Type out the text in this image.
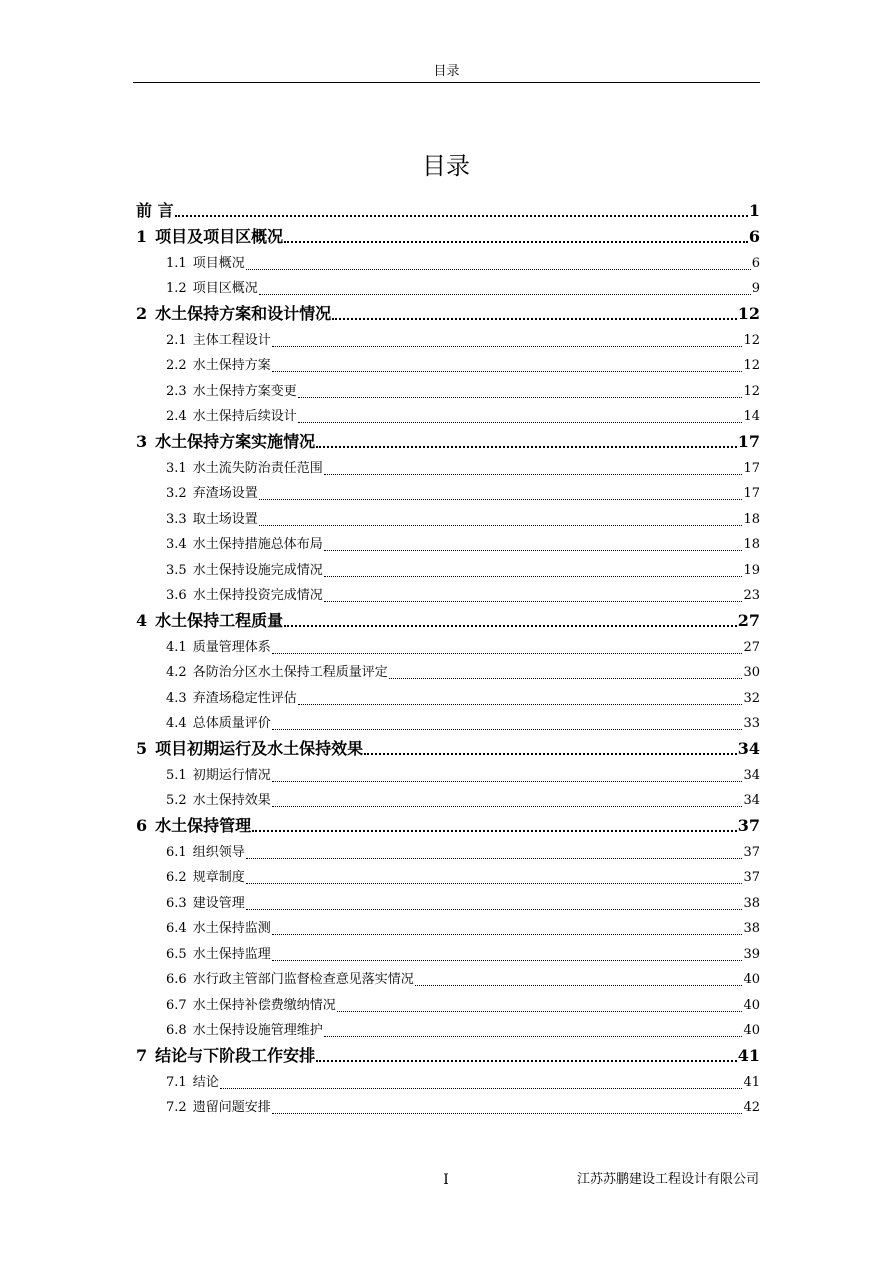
目录
目录
前 言	1
1 项目及项目区概况	6
1.1 项目概况	6
1.2 项目区概况	9
2 水土保持方案和设计情况	12
2.1 主体工程设计	12
2.2 水土保持方案	12
2.3 水土保持方案变更	12
2.4 水土保持后续设计	14
3 水土保持方案实施情况	17
3.1 水土流失防治责任范围	17
3.2 弃渣场设置	17
3.3 取土场设置	18
3.4 水土保持措施总体布局	18
3.5 水土保持设施完成情况	19
3.6 水土保持投资完成情况	23
4 水土保持工程质量	27
4.1 质量管理体系	27
4.2 各防治分区水土保持工程质量评定	30
4.3 弃渣场稳定性评估	32
4.4 总体质量评价	33
5 项目初期运行及水土保持效果	34
5.1 初期运行情况	34
5.2 水土保持效果	34
6 水土保持管理	37
6.1 组织领导	37
6.2 规章制度	37
6.3 建设管理	38
6.4 水土保持监测	38
6.5 水土保持监理	39
6.6 水行政主管部门监督检查意见落实情况	40
6.7 水土保持补偿费缴纳情况	40
6.8 水土保持设施管理维护	40
7 结论与下阶段工作安排	41
7.1 结论	41
7.2 遗留问题安排	42
I	江苏苏鹏建设工程设计有限公司
